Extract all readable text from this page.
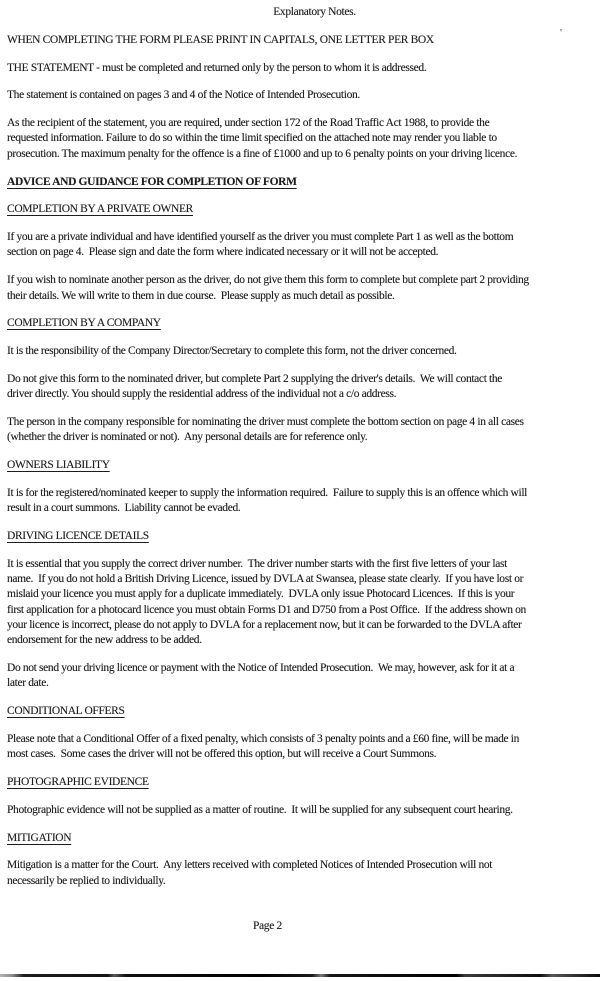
Explanatory Notes.
WHEN COMPLETING THE FORM PLEASE PRINT IN CAPITALS, ONE LETTER PER BOX
THE STATEMENT - must be completed and returned only by the person to whom it is addressed.
The statement is contained on pages 3 and 4 of the Notice of Intended Prosecution.
As the recipient of the statement, you are required, under section 172 of the Road Traffic Act 1988, to provide the
requested information. Failure to do so within the time limit specified on the attached note may render you liable to
prosecution. The maximum penalty for the offence is a fine of £1000 and up to 6 penalty points on your driving licence.
ADVICE AND GUIDANCE FOR COMPLETION OF FORM
COMPLETION BY A PRIVATE OWNER
If you are a private individual and have identified yourself as the driver you must complete Part 1 as well as the bottom
section on page 4.  Please sign and date the form where indicated necessary or it will not be accepted.
If you wish to nominate another person as the driver, do not give them this form to complete but complete part 2 providing
their details. We will write to them in due course.  Please supply as much detail as possible.
COMPLETION BY A COMPANY
It is the responsibility of the Company Director/Secretary to complete this form, not the driver concerned.
Do not give this form to the nominated driver, but complete Part 2 supplying the driver's details.  We will contact the
driver directly. You should supply the residential address of the individual not a c/o address.
The person in the company responsible for nominating the driver must complete the bottom section on page 4 in all cases
(whether the driver is nominated or not).  Any personal details are for reference only.
OWNERS LIABILITY
It is for the registered/nominated keeper to supply the information required.  Failure to supply this is an offence which will
result in a court summons.  Liability cannot be evaded.
DRIVING LICENCE DETAILS
It is essential that you supply the correct driver number.  The driver number starts with the first five letters of your last
name.  If you do not hold a British Driving Licence, issued by DVLA at Swansea, please state clearly.  If you have lost or
mislaid your licence you must apply for a duplicate immediately.  DVLA only issue Photocard Licences.  If this is your
first application for a photocard licence you must obtain Forms D1 and D750 from a Post Office.  If the address shown on
your licence is incorrect, please do not apply to DVLA for a replacement now, but it can be forwarded to the DVLA after
endorsement for the new address to be added.
Do not send your driving licence or payment with the Notice of Intended Prosecution.  We may, however, ask for it at a
later date.
CONDITIONAL OFFERS
Please note that a Conditional Offer of a fixed penalty, which consists of 3 penalty points and a £60 fine, will be made in
most cases.  Some cases the driver will not be offered this option, but will receive a Court Summons.
PHOTOGRAPHIC EVIDENCE
Photographic evidence will not be supplied as a matter of routine.  It will be supplied for any subsequent court hearing.
MITIGATION
Mitigation is a matter for the Court.  Any letters received with completed Notices of Intended Prosecution will not
necessarily be replied to individually.
'
Page 2
